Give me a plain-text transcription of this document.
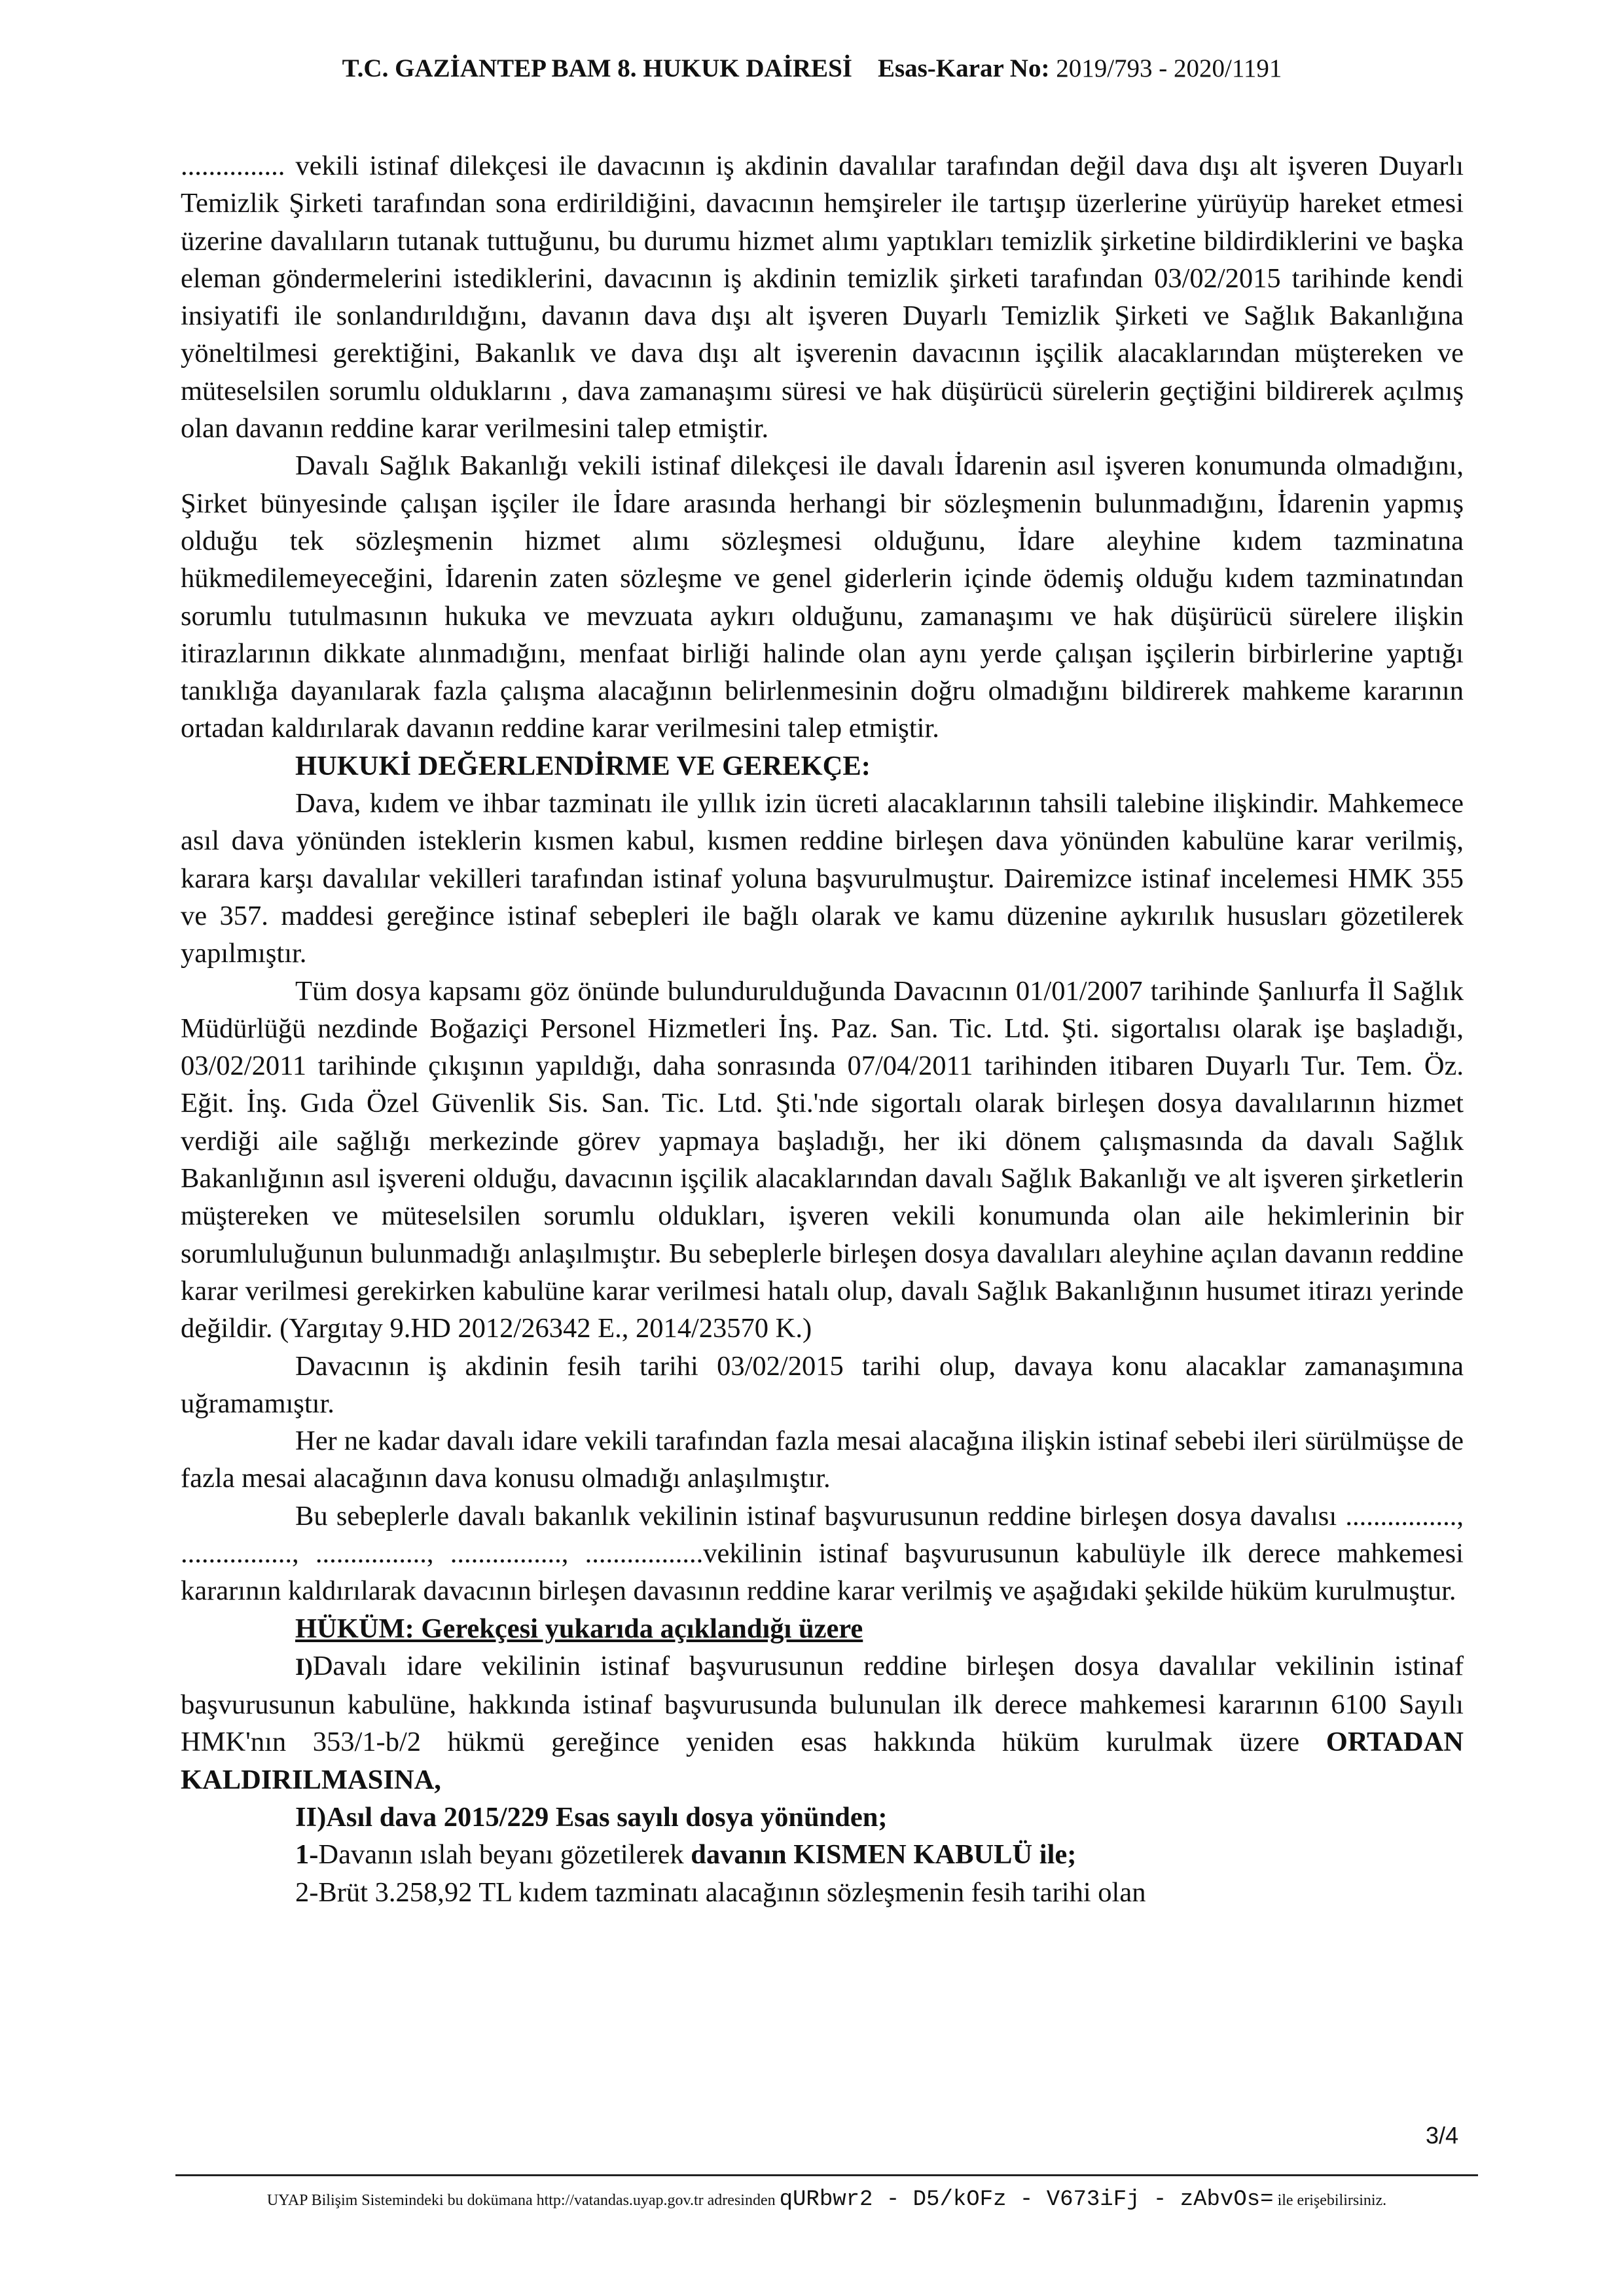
T.C. GAZİANTEP BAM 8. HUKUK DAİRESİ Esas-Karar No: 2019/793 - 2020/1191

............... vekili istinaf dilekçesi ile davacının iş akdinin davalılar tarafından değil dava dışı alt işveren Duyarlı Temizlik Şirketi tarafından sona erdirildiğini, davacının hemşireler ile tartışıp üzerlerine yürüyüp hareket etmesi üzerine davalıların tutanak tuttuğunu, bu durumu hizmet alımı yaptıkları temizlik şirketine bildirdiklerini ve başka eleman göndermelerini istediklerini, davacının iş akdinin temizlik şirketi tarafından 03/02/2015 tarihinde kendi insiyatifi ile sonlandırıldığını, davanın dava dışı alt işveren Duyarlı Temizlik Şirketi ve Sağlık Bakanlığına yöneltilmesi gerektiğini, Bakanlık ve dava dışı alt işverenin davacının işçilik alacaklarından müştereken ve müteselsilen sorumlu olduklarını , dava zamanaşımı süresi ve hak düşürücü sürelerin geçtiğini bildirerek açılmış olan davanın reddine karar verilmesini talep etmiştir.

Davalı Sağlık Bakanlığı vekili istinaf dilekçesi ile davalı İdarenin asıl işveren konumunda olmadığını, Şirket bünyesinde çalışan işçiler ile İdare arasında herhangi bir sözleşmenin bulunmadığını, İdarenin yapmış olduğu tek sözleşmenin hizmet alımı sözleşmesi olduğunu, İdare aleyhine kıdem tazminatına hükmedilemeyeceğini, İdarenin zaten sözleşme ve genel giderlerin içinde ödemiş olduğu kıdem tazminatından sorumlu tutulmasının hukuka ve mevzuata aykırı olduğunu, zamanaşımı ve hak düşürücü sürelere ilişkin itirazlarının dikkate alınmadığını, menfaat birliği halinde olan aynı yerde çalışan işçilerin birbirlerine yaptığı tanıklığa dayanılarak fazla çalışma alacağının belirlenmesinin doğru olmadığını bildirerek mahkeme kararının ortadan kaldırılarak davanın reddine karar verilmesini talep etmiştir.

HUKUKİ DEĞERLENDİRME VE GEREKÇE:

Dava, kıdem ve ihbar tazminatı ile yıllık izin ücreti alacaklarının tahsili talebine ilişkindir. Mahkemece asıl dava yönünden isteklerin kısmen kabul, kısmen reddine birleşen dava yönünden kabulüne karar verilmiş, karara karşı davalılar vekilleri tarafından istinaf yoluna başvurulmuştur. Dairemizce istinaf incelemesi HMK 355 ve 357. maddesi gereğince istinaf sebepleri ile bağlı olarak ve kamu düzenine aykırılık hususları gözetilerek yapılmıştır.

Tüm dosya kapsamı göz önünde bulundurulduğunda Davacının 01/01/2007 tarihinde Şanlıurfa İl Sağlık Müdürlüğü nezdinde Boğaziçi Personel Hizmetleri İnş. Paz. San. Tic. Ltd. Şti. sigortalısı olarak işe başladığı, 03/02/2011 tarihinde çıkışının yapıldığı, daha sonrasında 07/04/2011 tarihinden itibaren Duyarlı Tur. Tem. Öz. Eğit. İnş. Gıda Özel Güvenlik Sis. San. Tic. Ltd. Şti.'nde sigortalı olarak birleşen dosya davalılarının hizmet verdiği aile sağlığı merkezinde görev yapmaya başladığı, her iki dönem çalışmasında da davalı Sağlık Bakanlığının asıl işvereni olduğu, davacının işçilik alacaklarından davalı Sağlık Bakanlığı ve alt işveren şirketlerin müştereken ve müteselsilen sorumlu oldukları, işveren vekili konumunda olan aile hekimlerinin bir sorumluluğunun bulunmadığı anlaşılmıştır. Bu sebeplerle birleşen dosya davalıları aleyhine açılan davanın reddine karar verilmesi gerekirken kabulüne karar verilmesi hatalı olup, davalı Sağlık Bakanlığının husumet itirazı yerinde değildir. (Yargıtay 9.HD 2012/26342 E., 2014/23570 K.)

Davacının iş akdinin fesih tarihi 03/02/2015 tarihi olup, davaya konu alacaklar zamanaşımına uğramamıştır.

Her ne kadar davalı idare vekili tarafından fazla mesai alacağına ilişkin istinaf sebebi ileri sürülmüşse de fazla mesai alacağının dava konusu olmadığı anlaşılmıştır.

Bu sebeplerle davalı bakanlık vekilinin istinaf başvurusunun reddine birleşen dosya davalısı ................, ................, ................, ................, .................vekilinin istinaf başvurusunun kabulüyle ilk derece mahkemesi kararının kaldırılarak davacının birleşen davasının reddine karar verilmiş ve aşağıdaki şekilde hüküm kurulmuştur.

HÜKÜM: Gerekçesi yukarıda açıklandığı üzere

I)Davalı idare vekilinin istinaf başvurusunun reddine birleşen dosya davalılar vekilinin istinaf başvurusunun kabulüne, hakkında istinaf başvurusunda bulunulan ilk derece mahkemesi kararının 6100 Sayılı HMK'nın 353/1-b/2 hükmü gereğince yeniden esas hakkında hüküm kurulmak üzere ORTADAN KALDIRILMASINA,

II)Asıl dava 2015/229 Esas sayılı dosya yönünden;

1-Davanın ıslah beyanı gözetilerek davanın KISMEN KABULÜ ile;

2-Brüt 3.258,92 TL kıdem tazminatı alacağının sözleşmenin fesih tarihi olan

3/4
UYAP Bilişim Sistemindeki bu dokümana http://vatandas.uyap.gov.tr adresinden qURbwr2 - D5/kOFz - V673iFj - zAbvOs= ile erişebilirsiniz.
